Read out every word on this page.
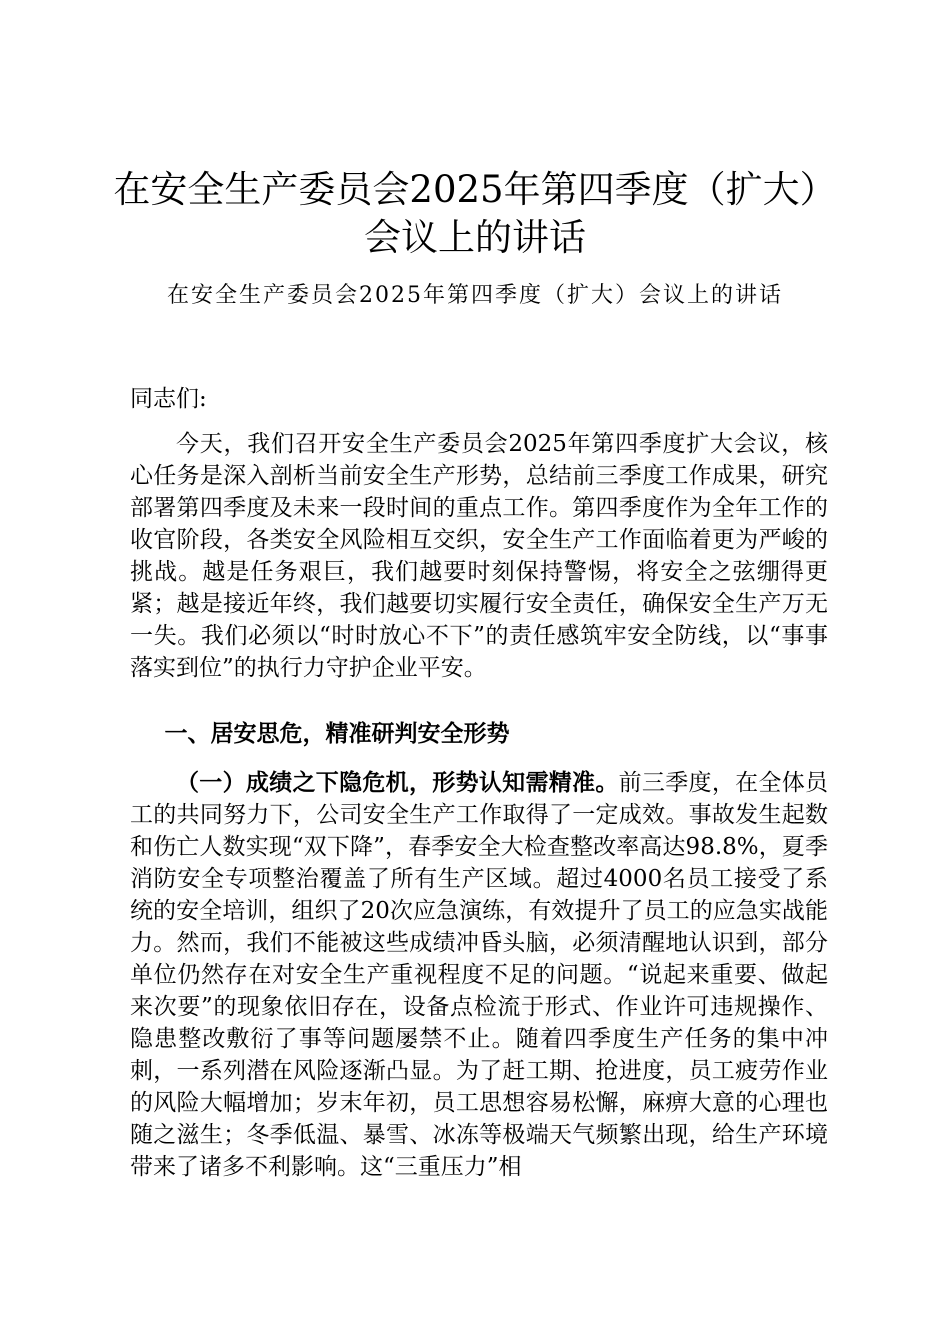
在安全生产委员会2025年第四季度（扩大）
会议上的讲话
在安全生产委员会2025年第四季度（扩大）会议上的讲话
同志们:
今天，我们召开安全生产委员会2025年第四季度扩大会议，核心任务是深入剖析当前安全生产形势，总结前三季度工作成果，研究部署第四季度及未来一段时间的重点工作。第四季度作为全年工作的收官阶段，各类安全风险相互交织，安全生产工作面临着更为严峻的挑战。越是任务艰巨，我们越要时刻保持警惕，将安全之弦绷得更紧；越是接近年终，我们越要切实履行安全责任，确保安全生产万无一失。我们必须以“时时放心不下”的责任感筑牢安全防线，以“事事落实到位”的执行力守护企业平安。
一、居安思危，精准研判安全形势
（一）成绩之下隐危机，形势认知需精准。前三季度，在全体员工的共同努力下，公司安全生产工作取得了一定成效。事故发生起数和伤亡人数实现“双下降”，春季安全大检查整改率高达98.8%，夏季消防安全专项整治覆盖了所有生产区域。超过4000名员工接受了系统的安全培训，组织了20次应急演练，有效提升了员工的应急实战能力。然而，我们不能被这些成绩冲昏头脑，必须清醒地认识到，部分单位仍然存在对安全生产重视程度不足的问题。“说起来重要、做起来次要”的现象依旧存在，设备点检流于形式、作业许可违规操作、隐患整改敷衍了事等问题屡禁不止。随着四季度生产任务的集中冲刺，一系列潜在风险逐渐凸显。为了赶工期、抢进度，员工疲劳作业的风险大幅增加；岁末年初，员工思想容易松懈，麻痹大意的心理也随之滋生；冬季低温、暴雪、冰冻等极端天气频繁出现，给生产环境带来了诸多不利影响。这“三重压力”相
